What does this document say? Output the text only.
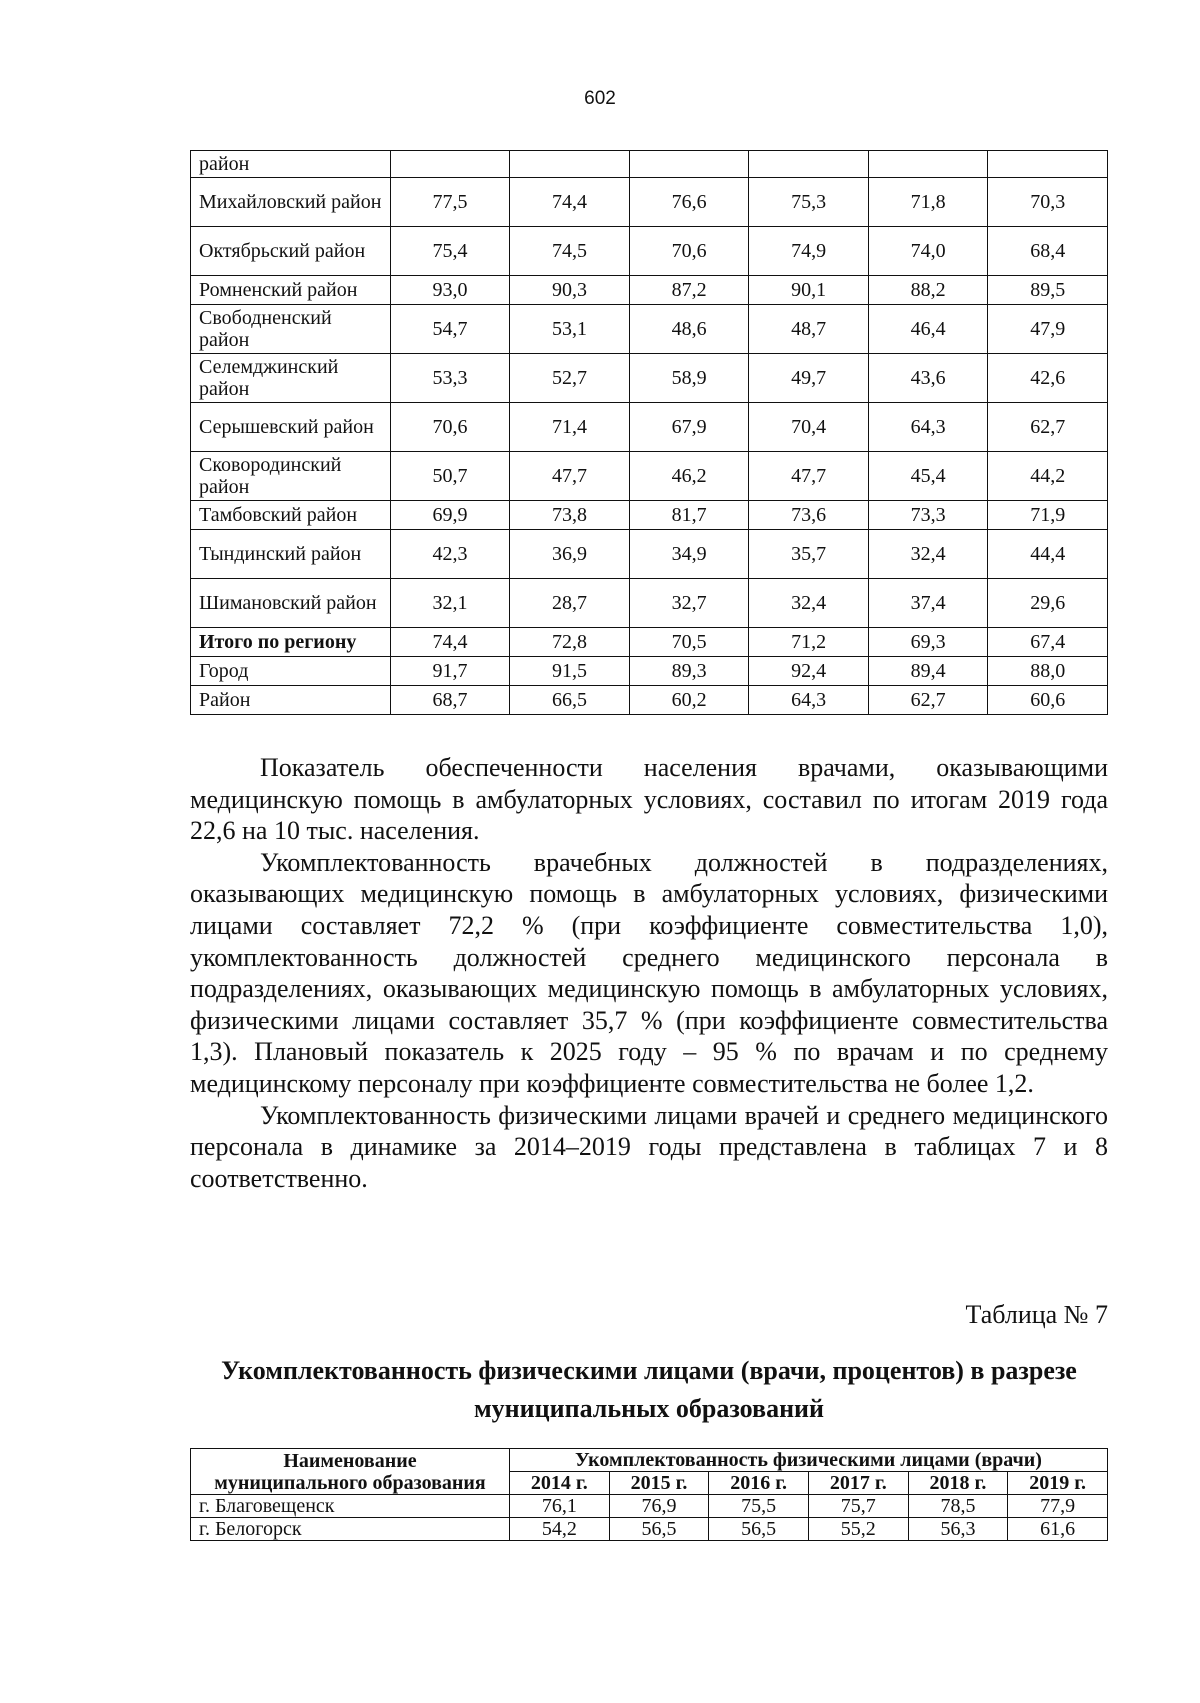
602
район						
Михайловский район	77,5	74,4	76,6	75,3	71,8	70,3
Октябрьский район	75,4	74,5	70,6	74,9	74,0	68,4
Ромненский район	93,0	90,3	87,2	90,1	88,2	89,5
Свободненский район	54,7	53,1	48,6	48,7	46,4	47,9
Селемджинский район	53,3	52,7	58,9	49,7	43,6	42,6
Серышевский район	70,6	71,4	67,9	70,4	64,3	62,7
Сковородинский район	50,7	47,7	46,2	47,7	45,4	44,2
Тамбовский район	69,9	73,8	81,7	73,6	73,3	71,9
Тындинский район	42,3	36,9	34,9	35,7	32,4	44,4
Шимановский район	32,1	28,7	32,7	32,4	37,4	29,6
Итого по региону	74,4	72,8	70,5	71,2	69,3	67,4
Город	91,7	91,5	89,3	92,4	89,4	88,0
Район	68,7	66,5	60,2	64,3	62,7	60,6

Показатель обеспеченности населения врачами, оказывающими медицинскую помощь в амбулаторных условиях, составил по итогам 2019 года 22,6 на 10 тыс. населения.

Укомплектованность врачебных должностей в подразделениях, оказывающих медицинскую помощь в амбулаторных условиях, физическими лицами составляет 72,2 % (при коэффициенте совместительства 1,0), укомплектованность должностей среднего медицинского персонала в подразделениях, оказывающих медицинскую помощь в амбулаторных условиях, физическими лицами составляет 35,7 % (при коэффициенте совместительства 1,3). Плановый показатель к 2025 году – 95 % по врачам и по среднему медицинскому персоналу при коэффициенте совместительства не более 1,2.

Укомплектованность физическими лицами врачей и среднего медицинского персонала в динамике за 2014–2019 годы представлена в таблицах 7 и 8 соответственно.

Таблица № 7
Укомплектованность физическими лицами (врачи, процентов) в разрезе
муниципальных образований
Наименование
муниципального образования	Укомплектованность физическими лицами (врачи)					
	2014 г.	2015 г.	2016 г.	2017 г.	2018 г.	2019 г.
г. Благовещенск	76,1	76,9	75,5	75,7	78,5	77,9
г. Белогорск	54,2	56,5	56,5	55,2	56,3	61,6
